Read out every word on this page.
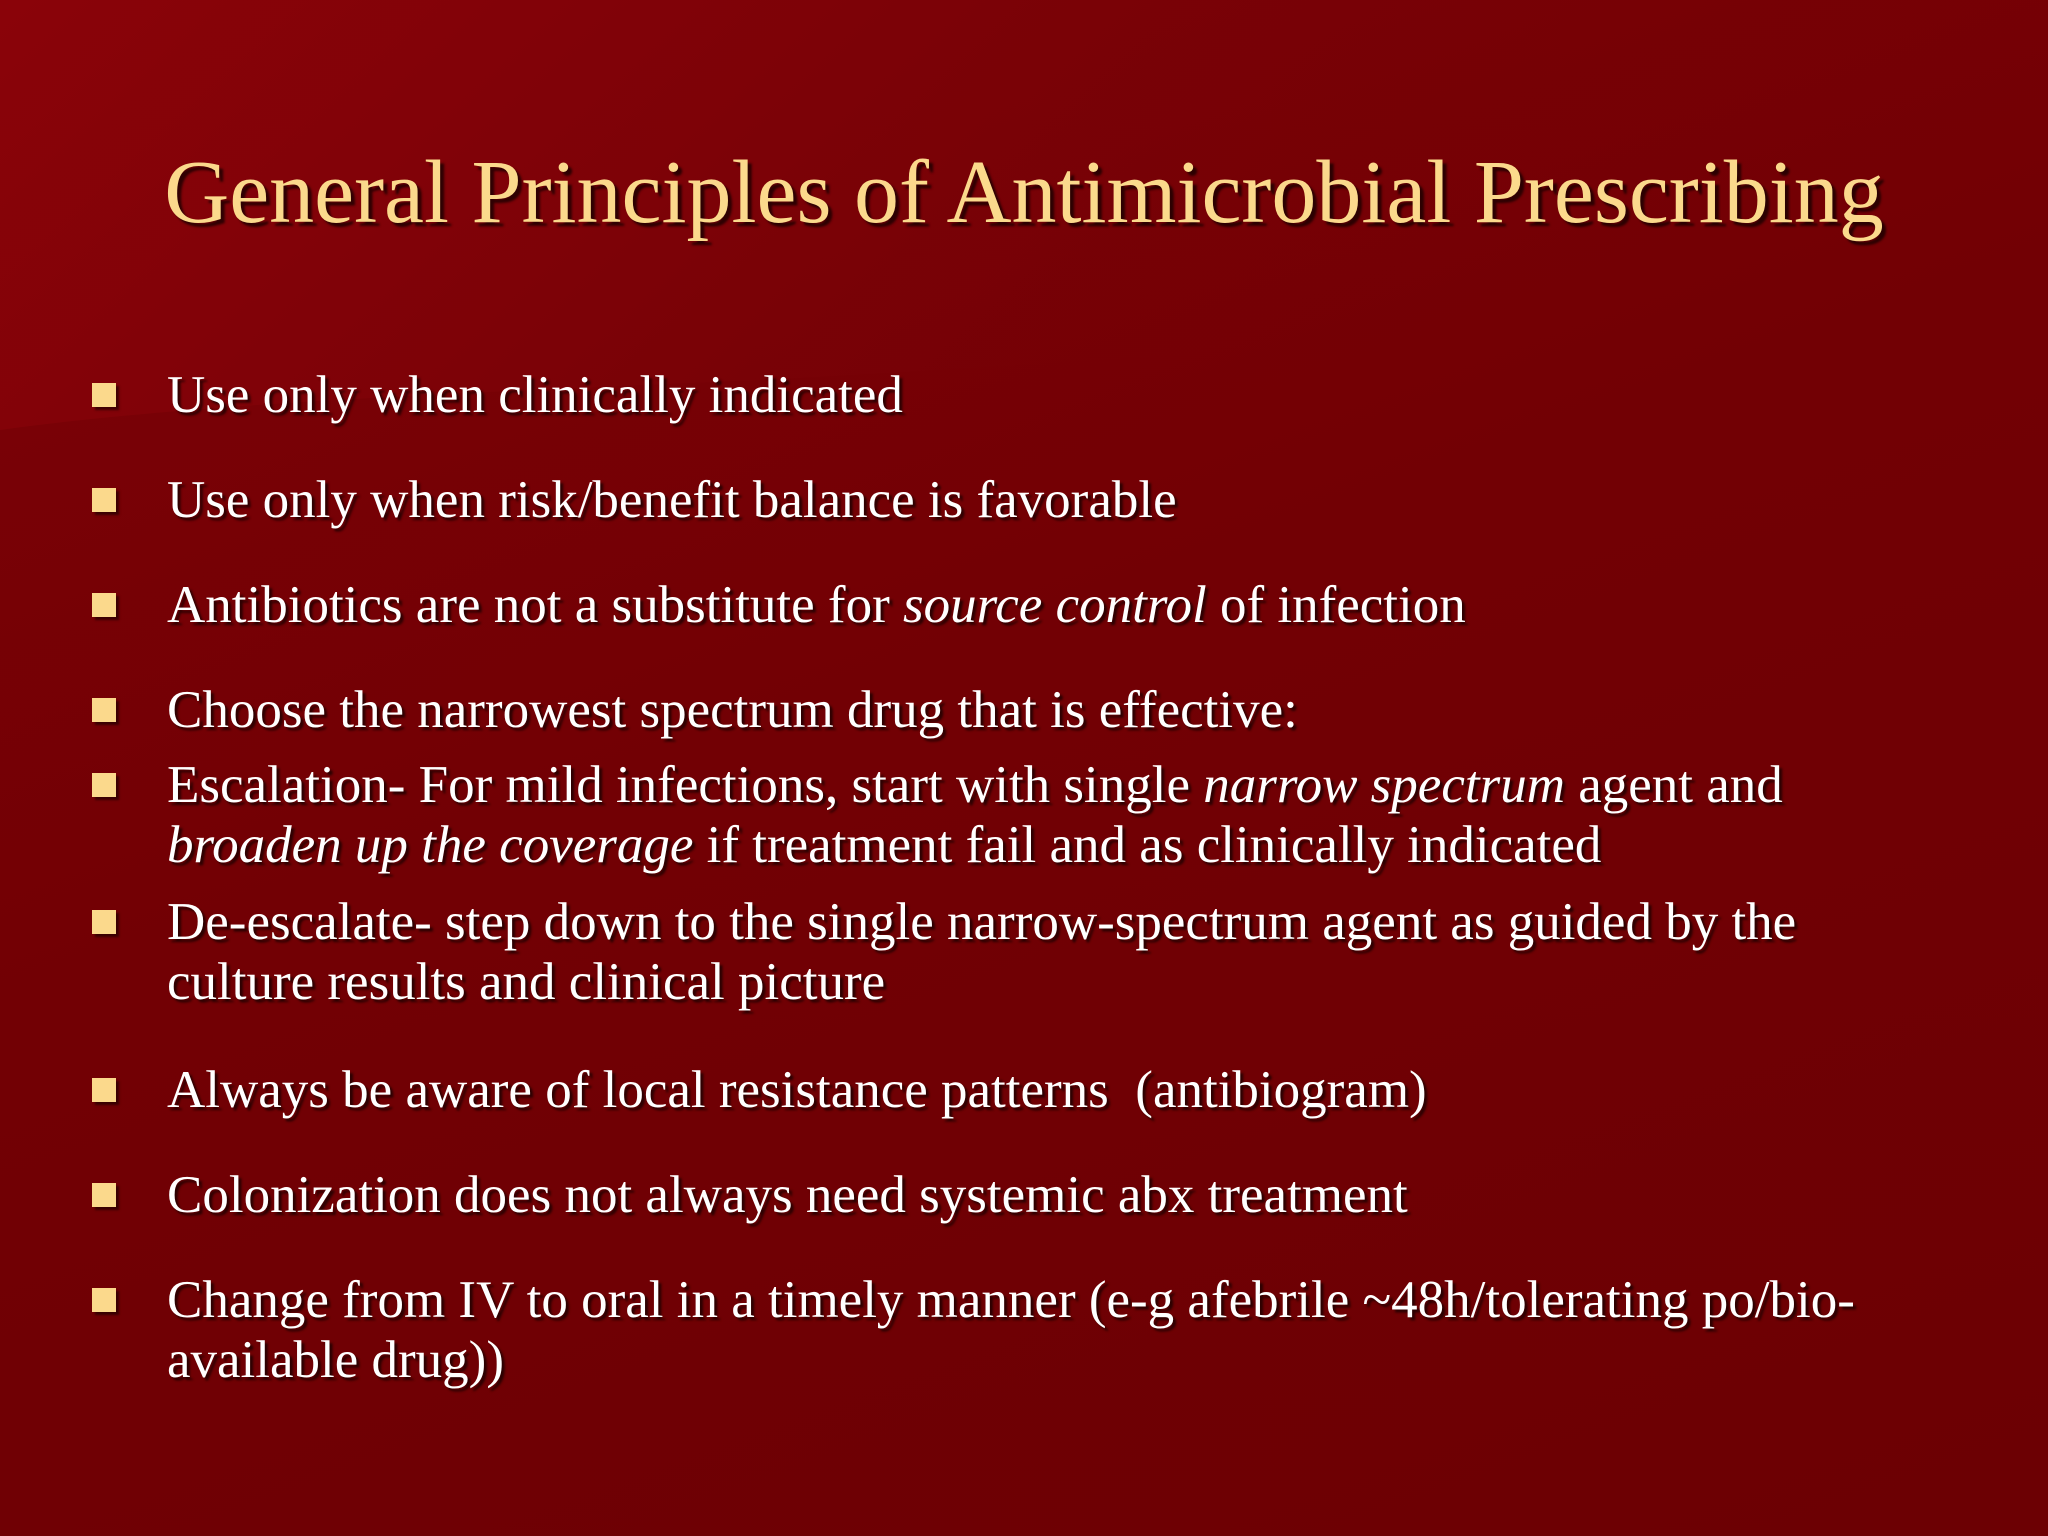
General Principles of Antimicrobial Prescribing
Use only when clinically indicated
Use only when risk/benefit balance is favorable
Antibiotics are not a substitute for source control of infection
Choose the narrowest spectrum drug that is effective:
Escalation- For mild infections, start with single narrow spectrum agent and
broaden up the coverage if treatment fail and as clinically indicated
De-escalate- step down to the single narrow-spectrum agent as guided by the
culture results and clinical picture
Always be aware of local resistance patterns  (antibiogram)
Colonization does not always need systemic abx treatment
Change from IV to oral in a timely manner (e-g afebrile ~48h/tolerating po/bio-
available drug))
